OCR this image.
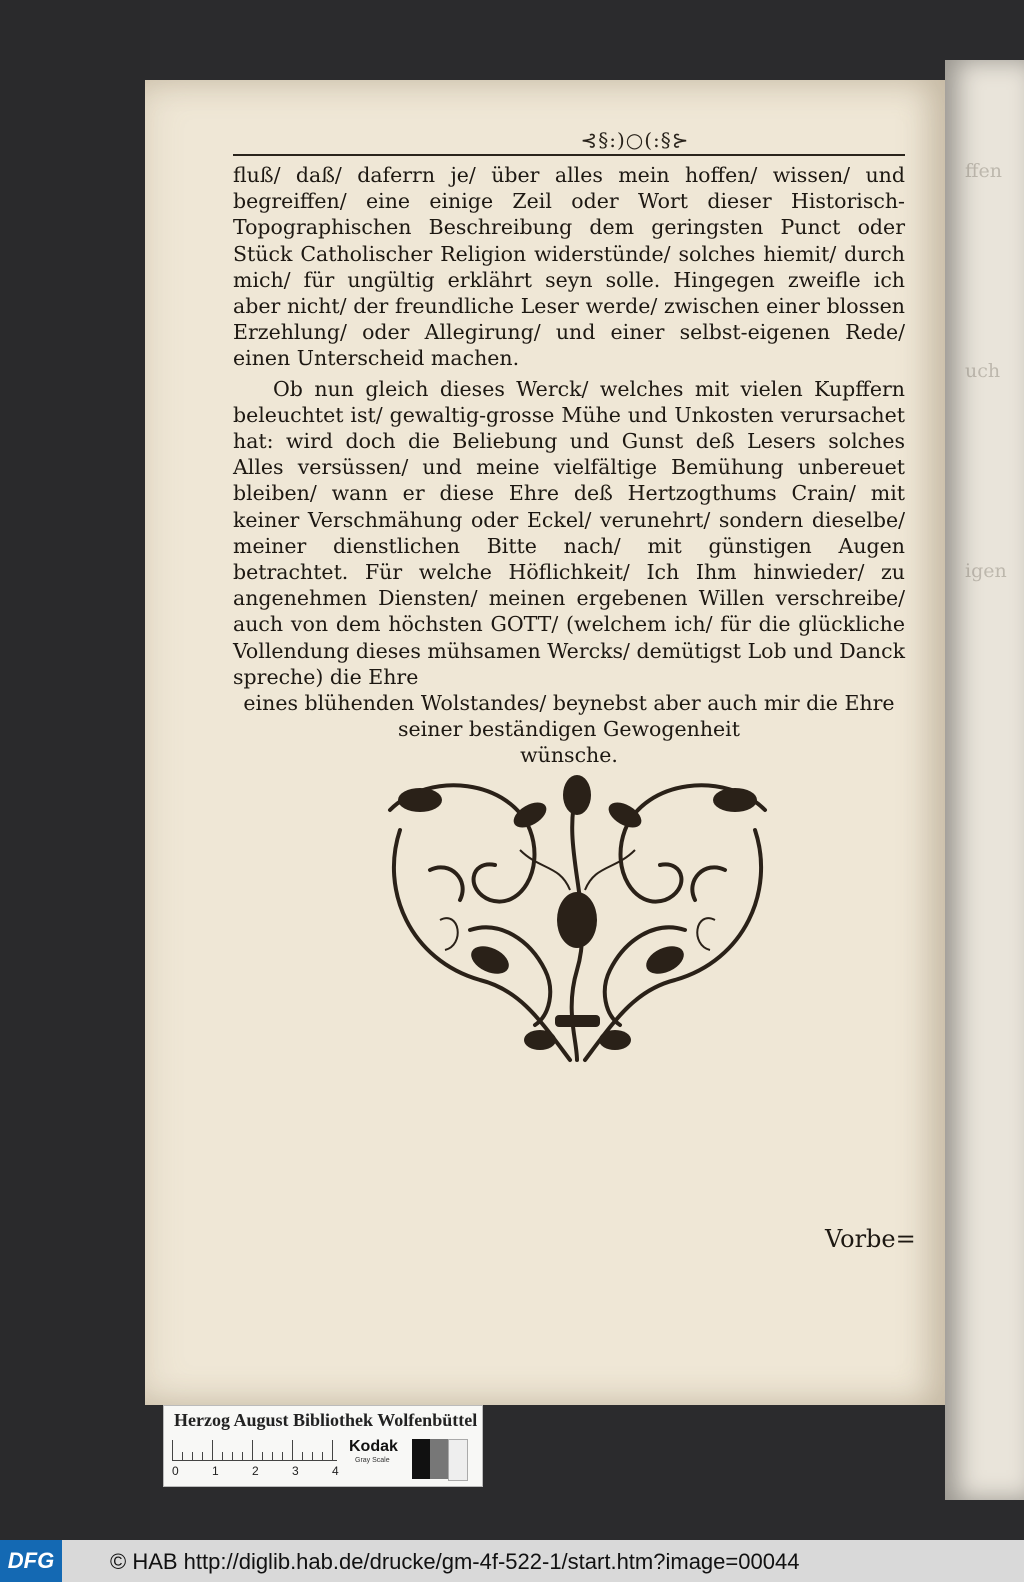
ffen
uch
igen
⊰§:)○(:§⊱

fluß/ daß/ daferrn je/ über alles mein hoffen/ wissen/ und begreiffen/ eine einige Zeil oder Wort dieser Historisch-Topographischen Beschreibung dem geringsten Punct oder Stück Catholischer Religion widerstünde/ solches hiemit/ durch mich/ für ungültig erklährt seyn solle. Hingegen zweifle ich aber nicht/ der freundliche Leser werde/ zwischen einer blossen Erzehlung/ oder Allegirung/ und einer selbst-eigenen Rede/ einen Unterscheid machen.

Ob nun gleich dieses Werck/ welches mit vielen Kupffern beleuchtet ist/ gewaltig-grosse Mühe und Unkosten verursachet hat: wird doch die Beliebung und Gunst deß Lesers solches Alles versüssen/ und meine vielfältige Bemühung unbereuet bleiben/ wann er diese Ehre deß Hertzogthums Crain/ mit keiner Verschmähung oder Eckel/ verunehrt/ sondern dieselbe/ meiner dienstlichen Bitte nach/ mit günstigen Augen betrachtet. Für welche Höflichkeit/ Ich Ihm hinwieder/ zu angenehmen Diensten/ meinen ergebenen Willen verschreibe/ auch von dem höchsten GOTT/ (welchem ich/ für die glückliche Vollendung dieses mühsamen Wercks/ demütigst Lob und Danck spreche) die Ehre

eines blühenden Wolstandes/ beynebst aber auch mir die Ehre
seiner beständigen Gewogenheit
wünsche.
Vorbe=
Herzog August Bibliothek Wolfenbüttel
0	1	2	3	4
Kodak
Gray Scale
DFG	© HAB http://diglib.hab.de/drucke/gm-4f-522-1/start.htm?image=00044
